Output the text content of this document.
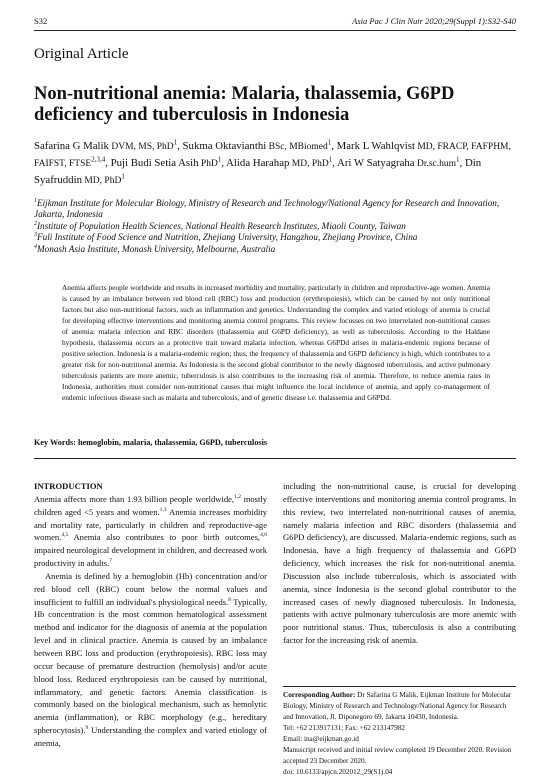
S32	Asia Pac J Clin Nutr 2020;29(Suppl 1):S32-S40
Original Article
Non-nutritional anemia: Malaria, thalassemia, G6PD deficiency and tuberculosis in Indonesia
Safarina G Malik DVM, MS, PhD$^1$, Sukma Oktavianthi BSc, MBiomed$^1$, Mark L Wahlqvist MD, FRACP, FAFPHM, FAIFST, FTSE$^{2,3,4}$, Puji Budi Setia Asih PhD$^1$, Alida Harahap MD, PhD$^1$, Ari W Satyagraha Dr.sc.hum$^1$, Din Syafruddin MD, PhD$^1$
$^1$Eijkman Institute for Molecular Biology, Ministry of Research and Technology/National Agency for Research and Innovation, Jakarta, Indonesia
$^2$Institute of Population Health Sciences, National Health Research Institutes, Miaoli County, Taiwan
$^3$Fuli Institute of Food Science and Nutrition, Zhejiang University, Hangzhou, Zhejiang Province, China
$^4$Monash Asia Institute, Monash University, Melbourne, Australia
Anemia affects people worldwide and results in increased morbidity and mortality, particularly in children and reproductive-age women. Anemia is caused by an imbalance between red blood cell (RBC) loss and production (erythropoiesis), which can be caused by not only nutritional factors but also non-nutritional factors, such as inflammation and genetics. Understanding the complex and varied etiology of anemia is crucial for developing effective interventions and monitoring anemia control programs. This review focusses on two interrelated non-nutritional causes of anemia: malaria infection and RBC disorders (thalassemia and G6PD deficiency), as well as tuberculosis. According to the Haldane hypothesis, thalassemia occurs as a protective trait toward malaria infection, whereas G6PDd arises in malaria-endemic regions because of positive selection. Indonesia is a malaria-endemic region; thus, the frequency of thalassemia and G6PD deficiency is high, which contributes to a greater risk for non-nutritional anemia. As Indonesia is the second global contributor to the newly diagnosed tuberculosis, and active pulmonary tuberculosis patients are more anemic, tuberculosis is also contributes to the increasing risk of anemia. Therefore, to reduce anemia rates in Indonesia, authorities must consider non-nutritional causes that might influence the local incidence of anemia, and apply co-management of endemic infectious disease such as malaria and tuberculosis, and of genetic disease i.e. thalassemia and G6PDd.
Key Words: hemoglobin, malaria, thalassemia, G6PD, tuberculosis
INTRODUCTION

Anemia affects more than 1.93 billion people worldwide,$^{1,2}$ mostly children aged <5 years and women.$^{1,3}$ Anemia increases morbidity and mortality rate, particularly in children and reproductive-age women.$^{4,5}$ Anemia also contributes to poor birth outcomes,$^{4,6}$ impaired neurological development in children, and decreased work productivity in adults.$^7$

Anemia is defined by a hemoglobin (Hb) concentration and/or red blood cell (RBC) count below the normal values and insufficient to fulfill an individual's physiological needs.$^8$ Typically, Hb concentration is the most common hematological assessment method and indicator for the diagnosis of anemia at the population level and in clinical practice. Anemia is caused by an imbalance between RBC loss and production (erythropoiesis). RBC loss may occur because of premature destruction (hemolysis) and/or acute blood loss. Reduced erythropoiesis can be caused by nutritional, inflammatory, and genetic factors. Anemia classification is commonly based on the biological mechanism, such as hemolytic anemia (inflammation), or RBC morphology (e.g., hereditary spherocytosis).$^9$ Understanding the complex and varied etiology of anemia,

including the non-nutritional cause, is crucial for developing effective interventions and monitoring anemia control programs. In this review, two interrelated non-nutritional causes of anemia, namely malaria infection and RBC disorders (thalassemia and G6PD deficiency), are discussed. Malaria-endemic regions, such as Indonesia, have a high frequency of thalassemia and G6PD deficiency, which increases the risk for non-nutritional anemia. Discussion also include tuberculosis, which is associated with anemia, since Indonesia is the second global contributor to the increased cases of newly diagnosed tuberculosis. In Indonesia, patients with active pulmonary tuberculosis are more anemic with poor nutritional status. Thus, tuberculosis is also a contributing factor for the increasing risk of anemia.

Corresponding Author: Dr Safarina G Malik, Eijkman Institute for Molecular Biology, Ministry of Research and Technology/National Agency for Research and Innovation, Jl. Diponegoro 69, Jakarta 10430, Indonesia.
Tel: +62 213917131; Fax: +62 213147982
Email: ina@eijkman.go.id
Manuscript received and initial review completed 19 December 2020. Revision accepted 23 December 2020.
doi: 10.6133/apjcn.202012_29(S1).04
